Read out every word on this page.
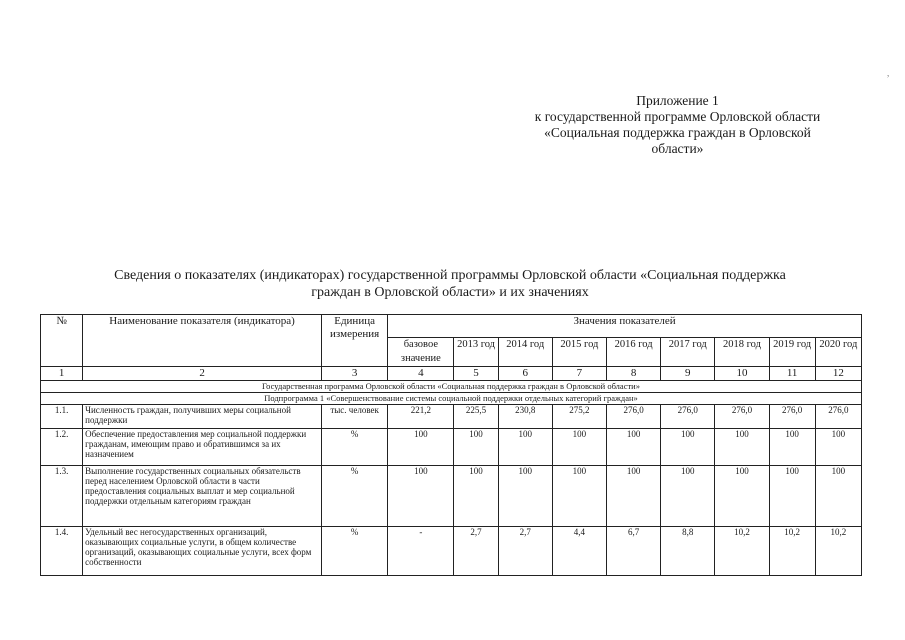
Приложение 1
к государственной программе Орловской области
«Социальная поддержка граждан в Орловской
области»
Сведения о показателях (индикаторах) государственной программы Орловской области «Социальная поддержка
граждан в Орловской области» и их значениях
,
№	Наименование показателя (индикатора)	Единица измерения	Значения показателей								
			базовое значение	2013 год	2014 год	2015 год	2016 год	2017 год	2018 год	2019 год	2020 год
1	2	3	4	5	6	7	8	9	10	11	12
Государственная программа Орловской области «Социальная поддержка граждан в Орловской области»											
Подпрограмма 1 «Совершенствование системы социальной поддержки отдельных категорий граждан»											
1.1.	Численность граждан, получивших меры социальной поддержки	тыс. человек	221,2	225,5	230,8	275,2	276,0	276,0	276,0	276,0	276,0
1.2.	Обеспечение предоставления мер социальной поддержки гражданам, имеющим право и обратившимся за их назначением	%	100	100	100	100	100	100	100	100	100
1.3.	Выполнение государственных социальных обязательств перед населением Орловской области в части предоставления социальных выплат и мер социальной поддержки отдельным категориям граждан	%	100	100	100	100	100	100	100	100	100
1.4.	Удельный вес негосударственных организаций, оказывающих социальные услуги, в общем количестве организаций, оказывающих социальные услуги, всех форм собственности	%	-	2,7	2,7	4,4	6,7	8,8	10,2	10,2	10,2
